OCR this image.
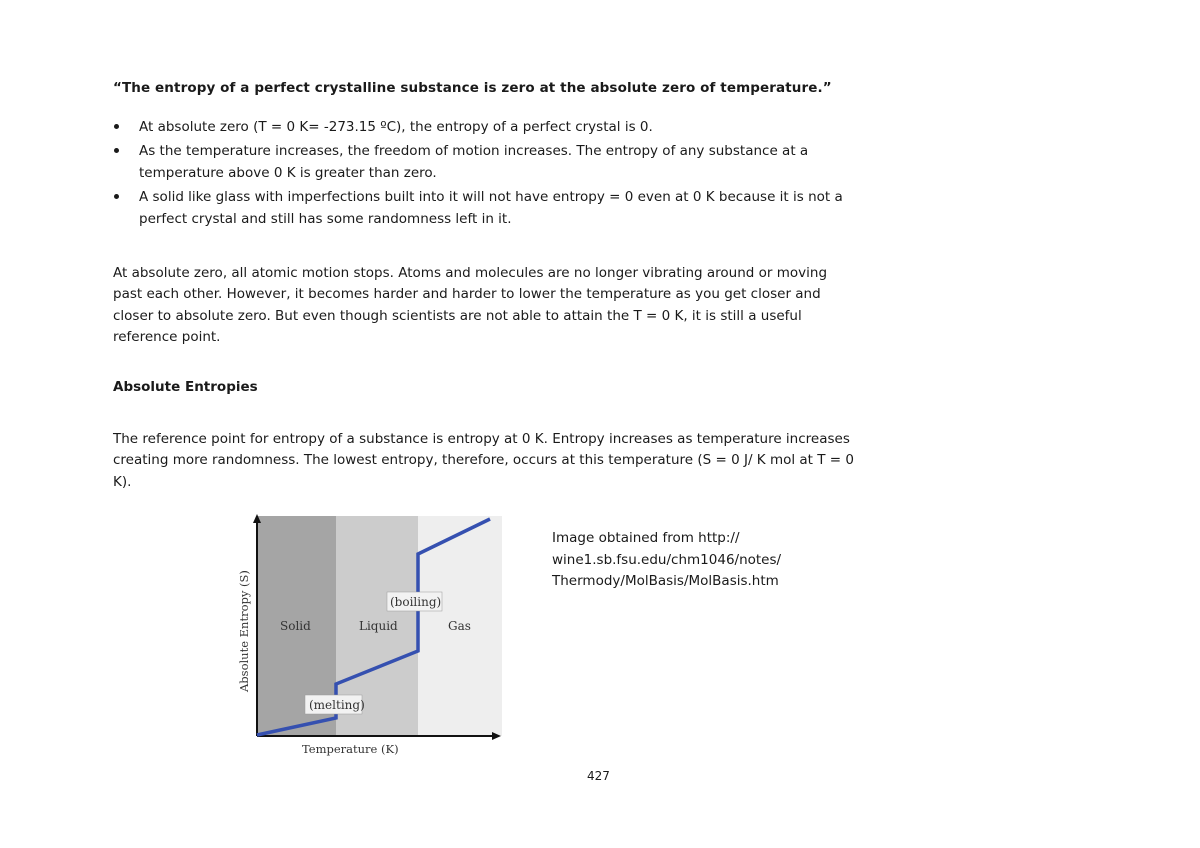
“The entropy of a perfect crystalline substance is zero at the absolute zero of temperature.”

At absolute zero (T = 0 K= -273.15 ºC), the entropy of a perfect crystal is 0.
As the temperature increases, the freedom of motion increases. The entropy of any substance at a temperature above 0 K is greater than zero.
A solid like glass with imperfections built into it will not have entropy = 0 even at 0 K because it is not a perfect crystal and still has some randomness left in it.

At absolute zero, all atomic motion stops. Atoms and molecules are no longer vibrating around or moving past each other. However, it becomes harder and harder to lower the temperature as you get closer and closer to absolute zero. But even though scientists are not able to attain the T = 0 K, it is still a useful reference point.

Absolute Entropies

The reference point for entropy of a substance is entropy at 0 K. Entropy increases as temperature increases creating more randomness. The lowest entropy, therefore, occurs at this temperature (S = 0 J/ K mol at T = 0 K).

Solid	Liquid	Gas
(melting)
(boiling)
Absolute Entropy (S)
Temperature (K)

Image obtained from http:// wine1.sb.fsu.edu/chm1046/notes/ Thermody/MolBasis/MolBasis.htm

427
